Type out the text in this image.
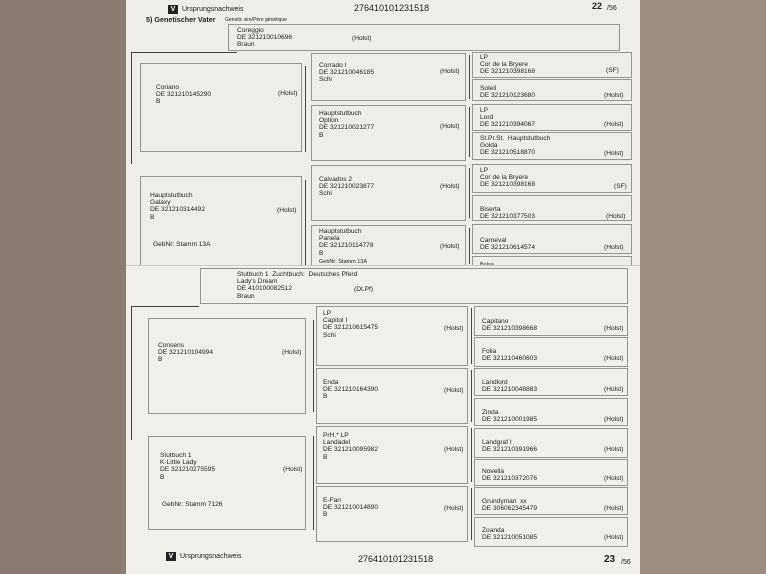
V Ursprungsnachweis	276410101231518	22 /56
5) Genetischer Vater Genetic sire/Père génétique
Coreggio
DE 321210010696
Braun
(Holst)
Coriano
DE 321210145290
B
(Holst)
Hauptstutbuch
Galaxy
DE 321210314492
B
(Holst)
GebNr: Stamm 13A
Corrado I
DE 321210046185
Schi
(Holst)
Hauptstutbuch
Option
DE 321210021277
B
(Holst)
Calvados 2
DE 321210023877
Schi
(Holst)
Hauptstutbuch
Panela
DE 321210114778
B
(Holst)
GebNr: Stamm 13A
LP
Cor de la Bryere
DE 321210398168	(SF)
Soleil
DE 321210123680	(Holst)
LP
Lord
DE 321210394067	(Holst)
St.Pr.St.  Hauptstutbuch
Golda
DE 321210518870	(Holst)
LP
Cor de la Bryere
DE 321210398168	(SF)
Biserta
DE 321210377503	(Holst)
Carneval
DE 321210614574	(Holst)
Stutbuch 1  Zuchtbuch:  Deutsches Pferd
Lady's Dream
DE 410100082512
Braun
(Dt.Pf)
Consens
DE 321210104994
B
(Holst)
Stutbuch 1
K-Little Lady
DE 321210275595
B
(Holst)
GebNr: Stamm 7126
LP
Capitol I
DE 321210615475
Schi
(Holst)
Enda
DE 321210164390
B
(Holst)
PrH.* LP
Landadel
DE 321210095982
B
(Holst)
E-Fan
DE 321210014890
B
(Holst)
Capitano
DE 321210398668	(Holst)
Folia
DE 321210460603	(Holst)
Landlord
DE 321210048883	(Holst)
Zinda
DE 321210001985	(Holst)
Landgraf I
DE 321210391966	(Holst)
Novella
DE 321210372076	(Holst)
Grundyman  xx
DE 306062345479	(Holst)
Zoanda
DE 321210051085	(Holst)
V Ursprungsnachweis	276410101231518	23 /56
